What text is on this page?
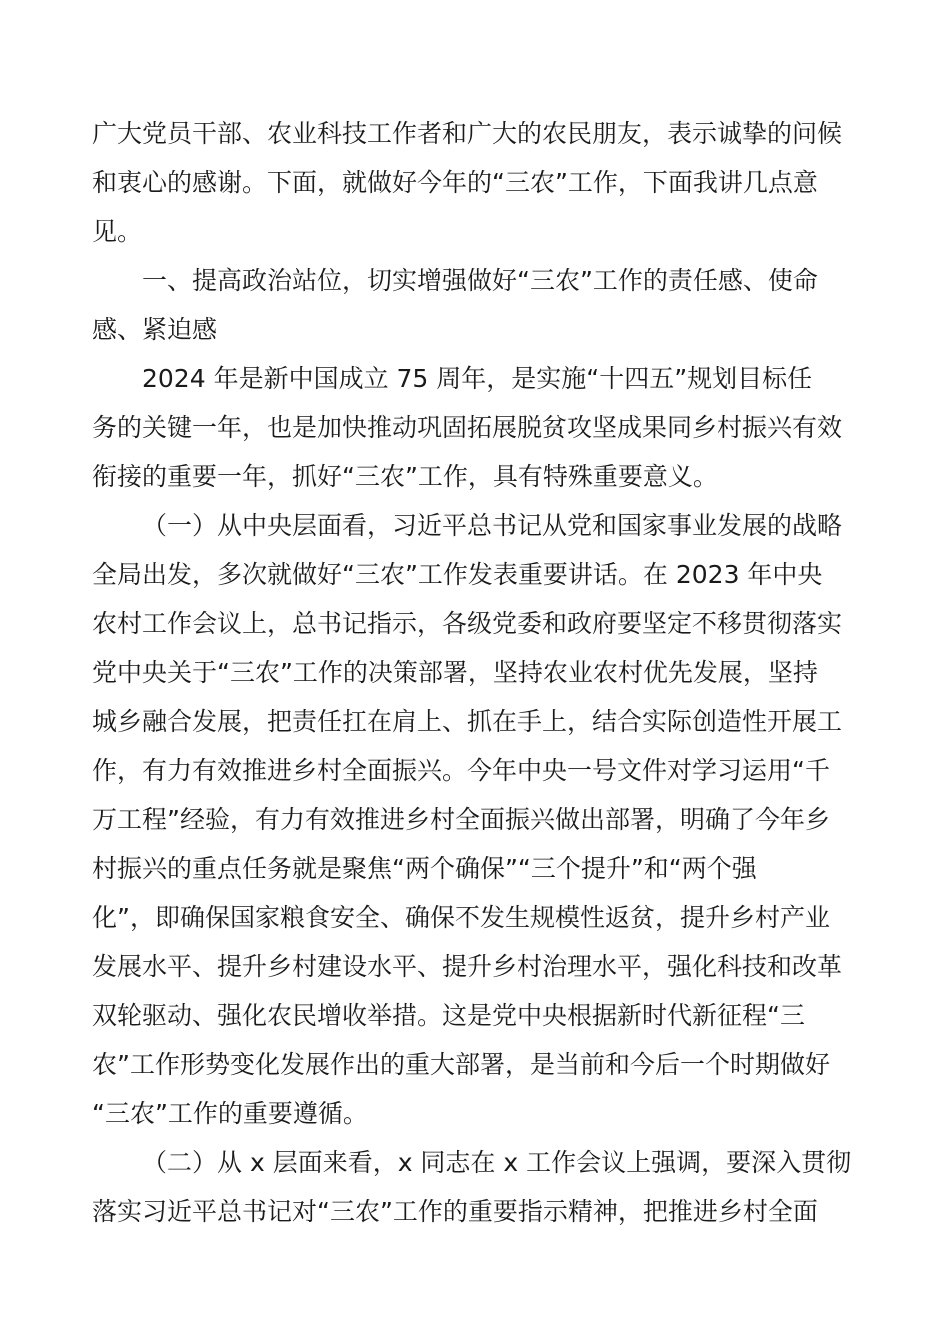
广大党员干部、农业科技工作者和广大的农民朋友，表示诚挚的问候
和衷心的感谢。下面，就做好今年的“三农”工作，下面我讲几点意
见。
一、提高政治站位，切实增强做好“三农”工作的责任感、使命
感、紧迫感
2024 年是新中国成立 75 周年，是实施“十四五”规划目标任
务的关键一年，也是加快推动巩固拓展脱贫攻坚成果同乡村振兴有效
衔接的重要一年，抓好“三农”工作，具有特殊重要意义。
（一）从中央层面看，习近平总书记从党和国家事业发展的战略
全局出发，多次就做好“三农”工作发表重要讲话。在 2023 年中央
农村工作会议上，总书记指示，各级党委和政府要坚定不移贯彻落实
党中央关于“三农”工作的决策部署，坚持农业农村优先发展，坚持
城乡融合发展，把责任扛在肩上、抓在手上，结合实际创造性开展工
作，有力有效推进乡村全面振兴。今年中央一号文件对学习运用“千
万工程”经验，有力有效推进乡村全面振兴做出部署，明确了今年乡
村振兴的重点任务就是聚焦“两个确保”“三个提升”和“两个强
化”，即确保国家粮食安全、确保不发生规模性返贫，提升乡村产业
发展水平、提升乡村建设水平、提升乡村治理水平，强化科技和改革
双轮驱动、强化农民增收举措。这是党中央根据新时代新征程“三
农”工作形势变化发展作出的重大部署，是当前和今后一个时期做好
“三农”工作的重要遵循。
（二）从 x 层面来看，x 同志在 x 工作会议上强调，要深入贯彻
落实习近平总书记对“三农”工作的重要指示精神，把推进乡村全面
